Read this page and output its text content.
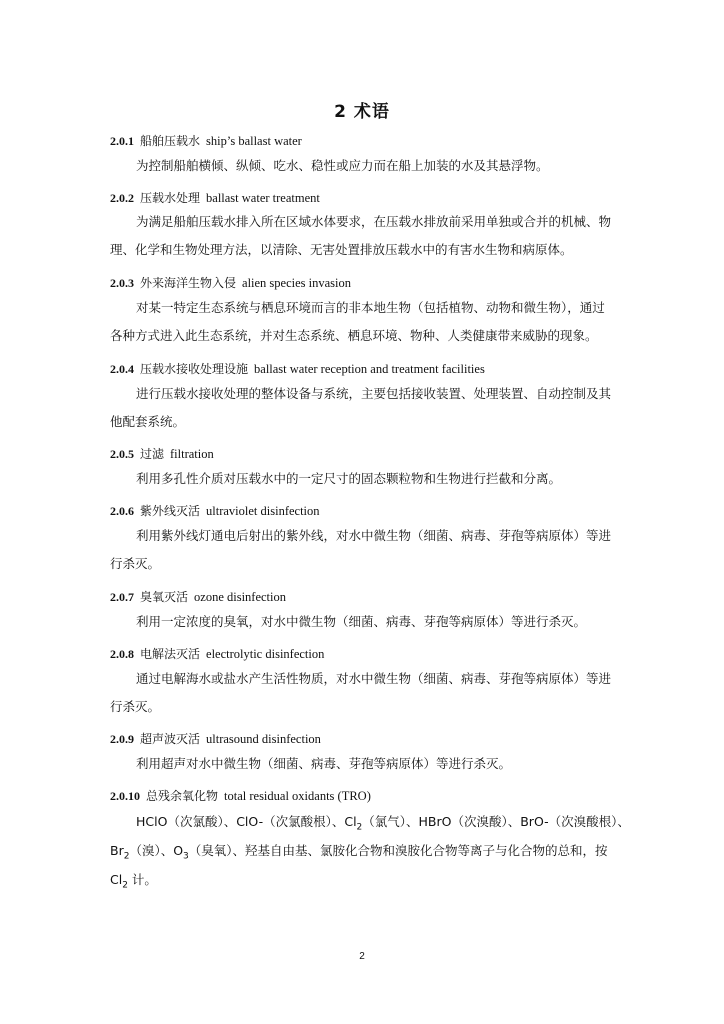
2 术语
2.0.1 船舶压载水 ship’s ballast water
为控制船舶横倾、纵倾、吃水、稳性或应力而在船上加装的水及其悬浮物。
2.0.2 压载水处理 ballast water treatment
为满足船舶压载水排入所在区域水体要求，在压载水排放前采用单独或合并的机械、物
理、化学和生物处理方法，以清除、无害处置排放压载水中的有害水生物和病原体。
2.0.3 外来海洋生物入侵 alien species invasion
对某一特定生态系统与栖息环境而言的非本地生物（包括植物、动物和微生物），通过
各种方式进入此生态系统，并对生态系统、栖息环境、物种、人类健康带来威胁的现象。
2.0.4 压载水接收处理设施 ballast water reception and treatment facilities
进行压载水接收处理的整体设备与系统，主要包括接收装置、处理装置、自动控制及其
他配套系统。
2.0.5 过滤 filtration
利用多孔性介质对压载水中的一定尺寸的固态颗粒物和生物进行拦截和分离。
2.0.6 紫外线灭活 ultraviolet disinfection
利用紫外线灯通电后射出的紫外线，对水中微生物（细菌、病毒、芽孢等病原体）等进
行杀灭。
2.0.7 臭氧灭活 ozone disinfection
利用一定浓度的臭氧，对水中微生物（细菌、病毒、芽孢等病原体）等进行杀灭。
2.0.8 电解法灭活 electrolytic disinfection
通过电解海水或盐水产生活性物质，对水中微生物（细菌、病毒、芽孢等病原体）等进
行杀灭。
2.0.9 超声波灭活 ultrasound disinfection
利用超声对水中微生物（细菌、病毒、芽孢等病原体）等进行杀灭。
2.0.10 总残余氧化物 total residual oxidants (TRO)
HClO（次氯酸）、ClO-（次氯酸根）、$Cl_2$（氯气）、HBrO（次溴酸）、BrO-（次溴酸根）、
$Br_2$（溴）、$O_3$（臭氧）、羟基自由基、氯胺化合物和溴胺化合物等离子与化合物的总和，按
$Cl_2$ 计。
2
